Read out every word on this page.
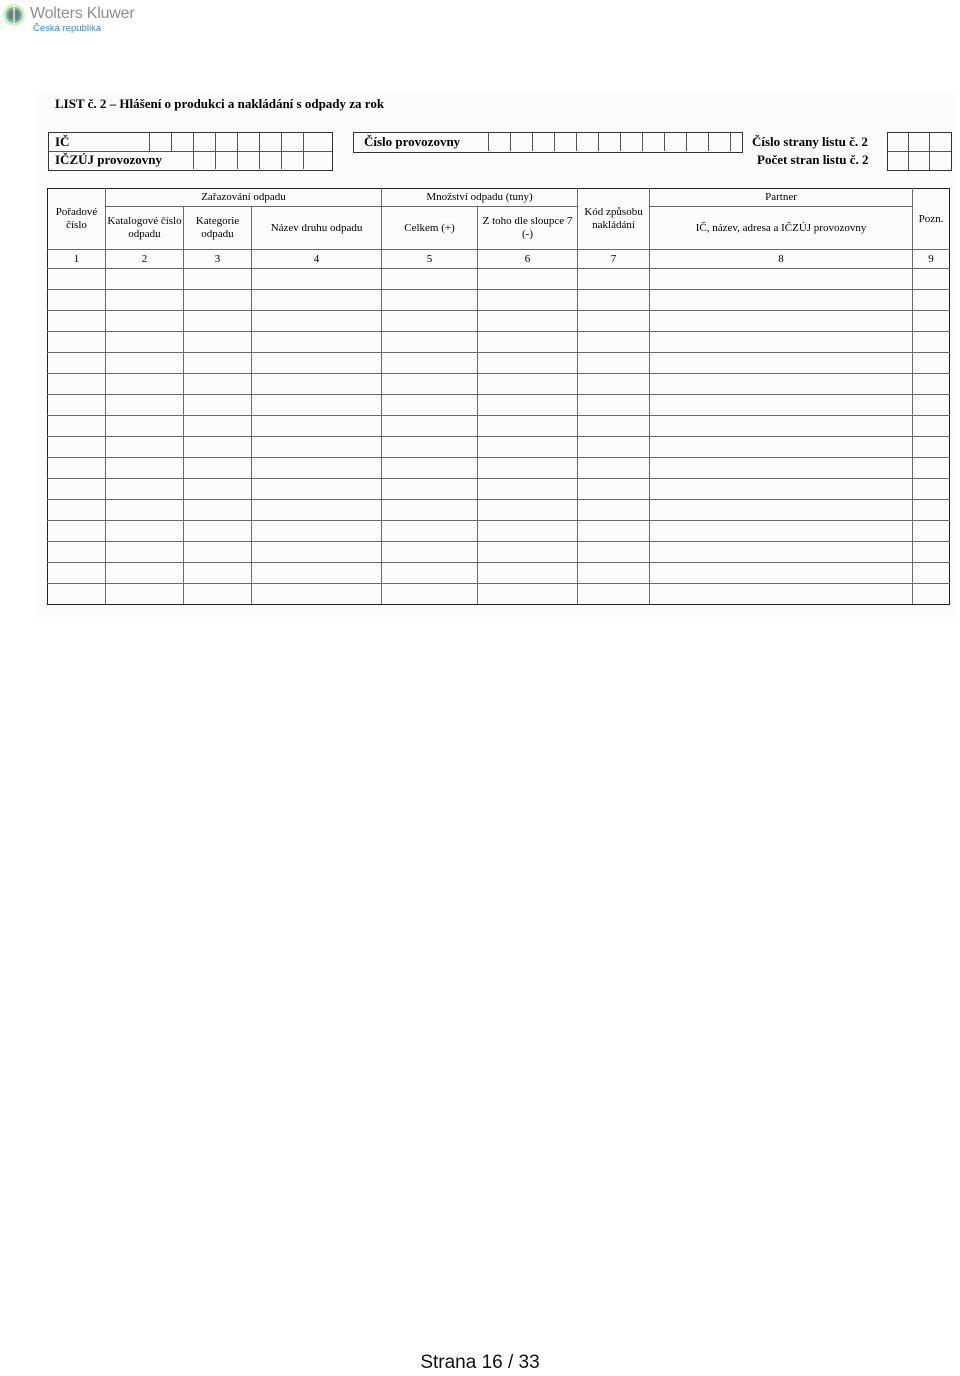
Wolters Kluwer
Česká republika
LIST č. 2 – Hlášení o produkci a nakládání s odpady za rok
IČ
IČZÚJ provozovny
Číslo provozovny	Číslo strany listu č. 2
Počet stran listu č. 2
Pořadové číslo	Zařazování odpadu			Množství odpadu (tuny)		Kód způsobu nakládání	Partner	Pozn.
	Katalogové číslo odpadu	Kategorie odpadu	Název druhu odpadu	Celkem (+)	Z toho dle sloupce 7 (-)		IČ, název, adresa a IČZÚJ provozovny	
1	2	3	4	5	6	7	8	9

Strana 16 / 33
